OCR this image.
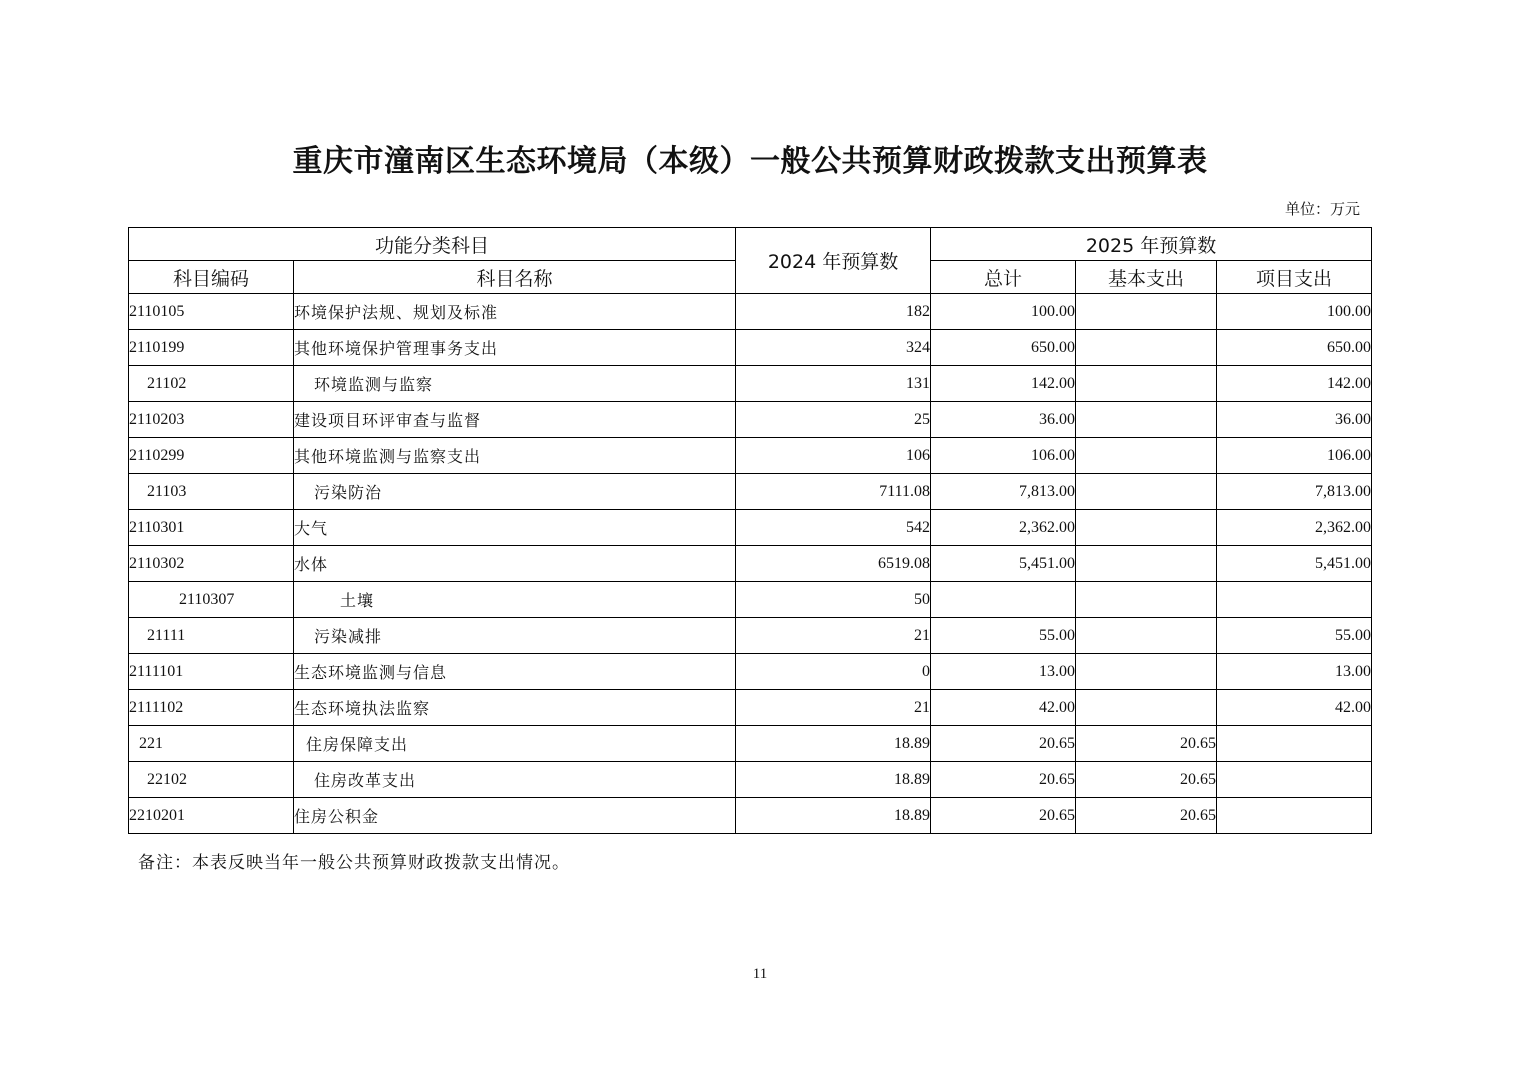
重庆市潼南区生态环境局（本级）一般公共预算财政拨款支出预算表
单位：万元
功能分类科目		2024 年预算数	2025 年预算数		
科目编码	科目名称		总计	基本支出	项目支出
2110105	环境保护法规、规划及标准	182	100.00		100.00
2110199	其他环境保护管理事务支出	324	650.00		650.00
21102	环境监测与监察	131	142.00		142.00
2110203	建设项目环评审查与监督	25	36.00		36.00
2110299	其他环境监测与监察支出	106	106.00		106.00
21103	污染防治	7111.08	7,813.00		7,813.00
2110301	大气	542	2,362.00		2,362.00
2110302	水体	6519.08	5,451.00		5,451.00
2110307	土壤	50			
21111	污染减排	21	55.00		55.00
2111101	生态环境监测与信息	0	13.00		13.00
2111102	生态环境执法监察	21	42.00		42.00
221	住房保障支出	18.89	20.65	20.65	
22102	住房改革支出	18.89	20.65	20.65	
2210201	住房公积金	18.89	20.65	20.65	
备注：本表反映当年一般公共预算财政拨款支出情况。
11
